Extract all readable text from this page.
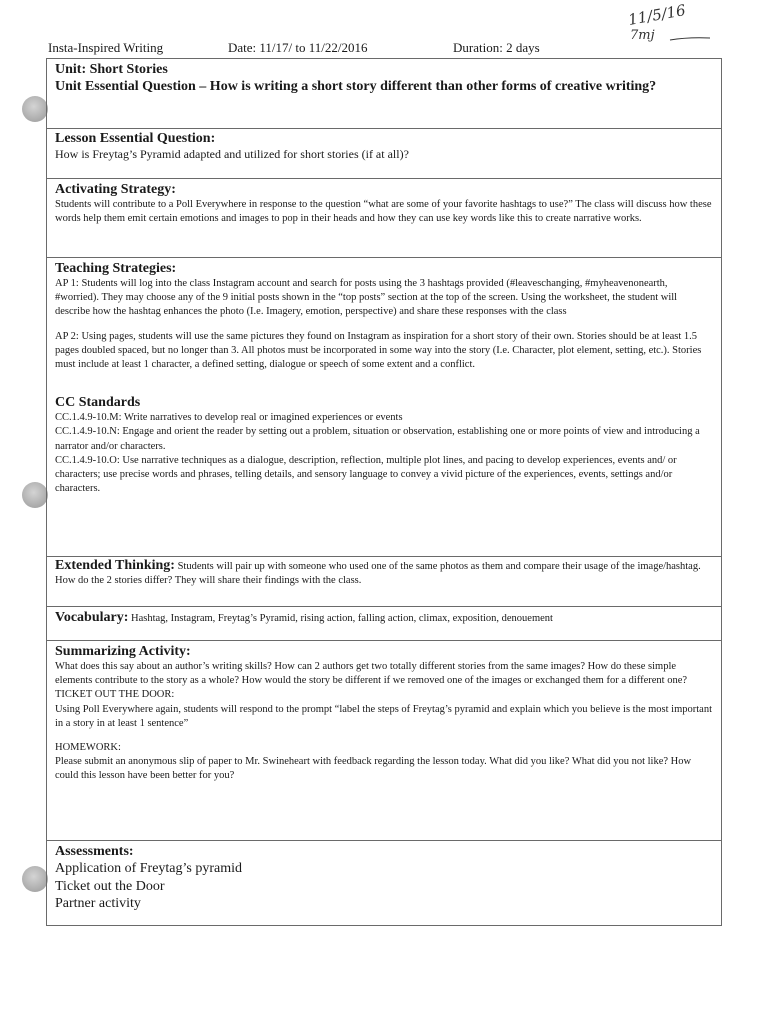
11/5/16
7mj
Insta-Inspired Writing	Date: 11/17/ to 11/22/2016	Duration: 2 days
Unit: Short Stories
Unit Essential Question – How is writing a short story different than other forms of creative writing?
Lesson Essential Question:
How is Freytag’s Pyramid adapted and utilized for short stories (if at all)?
Activating Strategy:
Students will contribute to a Poll Everywhere in response to the question “what are some of your favorite hashtags to use?” The class will discuss how these words help them emit certain emotions and images to pop in their heads and how they can use key words like this to create narrative works.
Teaching Strategies:
AP 1: Students will log into the class Instagram account and search for posts using the 3 hashtags provided (#leaveschanging, #myheavenonearth, #worried). They may choose any of the 9 initial posts shown in the “top posts” section at the top of the screen. Using the worksheet, the student will describe how the hashtag enhances the photo (I.e. Imagery, emotion, perspective) and share these responses with the class
AP 2: Using pages, students will use the same pictures they found on Instagram as inspiration for a short story of their own. Stories should be at least 1.5 pages doubled spaced, but no longer than 3. All photos must be incorporated in some way into the story (I.e. Character, plot element, setting, etc.). Stories must include at least 1 character, a defined setting, dialogue or speech of some extent and a conflict.
CC Standards
CC.1.4.9-10.M: Write narratives to develop real or imagined experiences or events
CC.1.4.9-10.N: Engage and orient the reader by setting out a problem, situation or observation, establishing one or more points of view and introducing a narrator and/or characters.
CC.1.4.9-10.O: Use narrative techniques as a dialogue, description, reflection, multiple plot lines, and pacing to develop experiences, events and/ or characters; use precise words and phrases, telling details, and sensory language to convey a vivid picture of the experiences, events, settings and/or characters.
Extended Thinking: Students will pair up with someone who used one of the same photos as them and compare their usage of the image/hashtag. How do the 2 stories differ? They will share their findings with the class.
Vocabulary: Hashtag, Instagram, Freytag’s Pyramid, rising action, falling action, climax, exposition, denouement
Summarizing Activity:
What does this say about an author’s writing skills? How can 2 authors get two totally different stories from the same images? How do these simple elements contribute to the story as a whole? How would the story be different if we removed one of the images or exchanged them for a different one?
TICKET OUT THE DOOR:
Using Poll Everywhere again, students will respond to the prompt “label the steps of Freytag’s pyramid and explain which you believe is the most important in a story in at least 1 sentence”
HOMEWORK:
Please submit an anonymous slip of paper to Mr. Swineheart with feedback regarding the lesson today. What did you like? What did you not like? How could this lesson have been better for you?
Assessments:
Application of Freytag’s pyramid
Ticket out the Door
Partner activity
